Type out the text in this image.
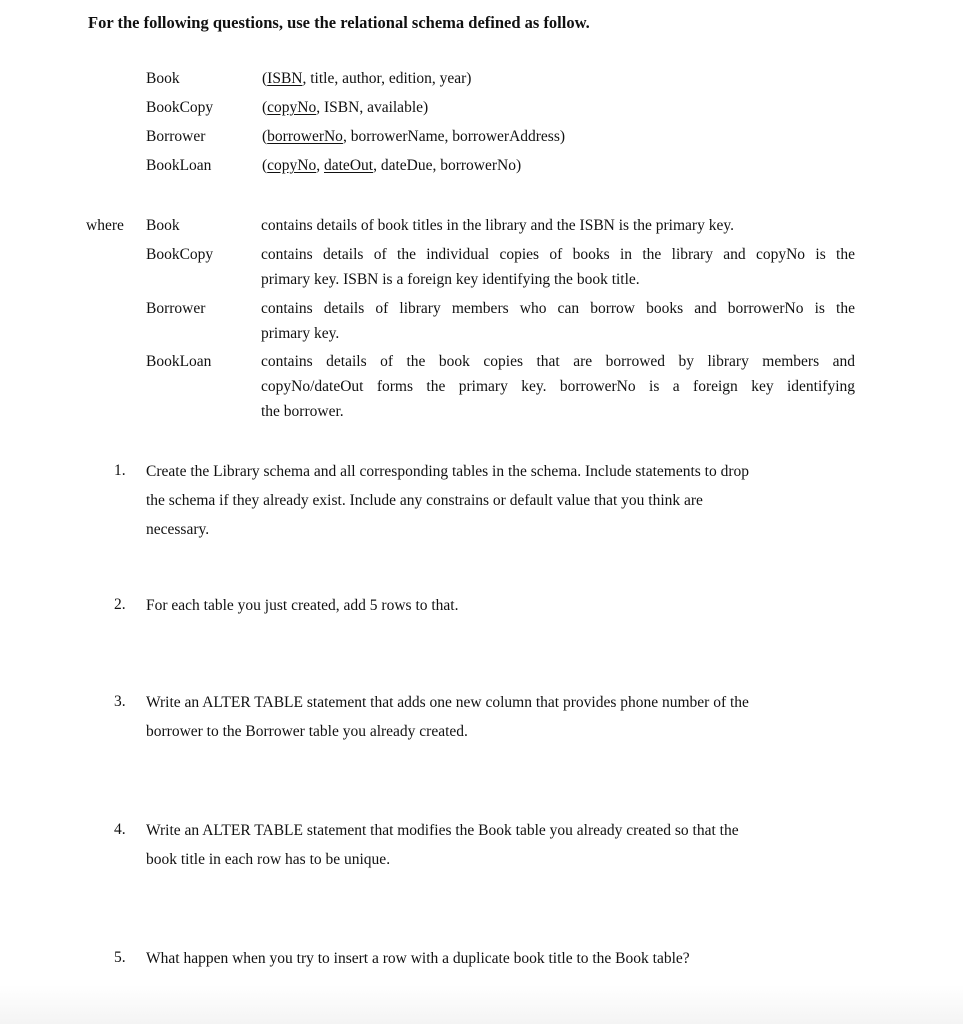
For the following questions, use the relational schema defined as follow.
Book	(ISBN, title, author, edition, year)
BookCopy	(copyNo, ISBN, available)
Borrower	(borrowerNo, borrowerName, borrowerAddress)
BookLoan	(copyNo, dateOut, dateDue, borrowerNo)
where Book	contains details of book titles in the library and the ISBN is the primary key.
BookCopy	contains details of the individual copies of books in the library and copyNo is the
primary key. ISBN is a foreign key identifying the book title.
Borrower	contains details of library members who can borrow books and borrowerNo is the
primary key.
BookLoan	contains details of the book copies that are borrowed by library members and
copyNo/dateOut forms the primary key. borrowerNo is a foreign key identifying
the borrower.
1. Create the Library schema and all corresponding tables in the schema. Include statements to drop
the schema if they already exist. Include any constrains or default value that you think are
necessary.
2. For each table you just created, add 5 rows to that.
3. Write an ALTER TABLE statement that adds one new column that provides phone number of the
borrower to the Borrower table you already created.
4. Write an ALTER TABLE statement that modifies the Book table you already created so that the
book title in each row has to be unique.
5. What happen when you try to insert a row with a duplicate book title to the Book table?
